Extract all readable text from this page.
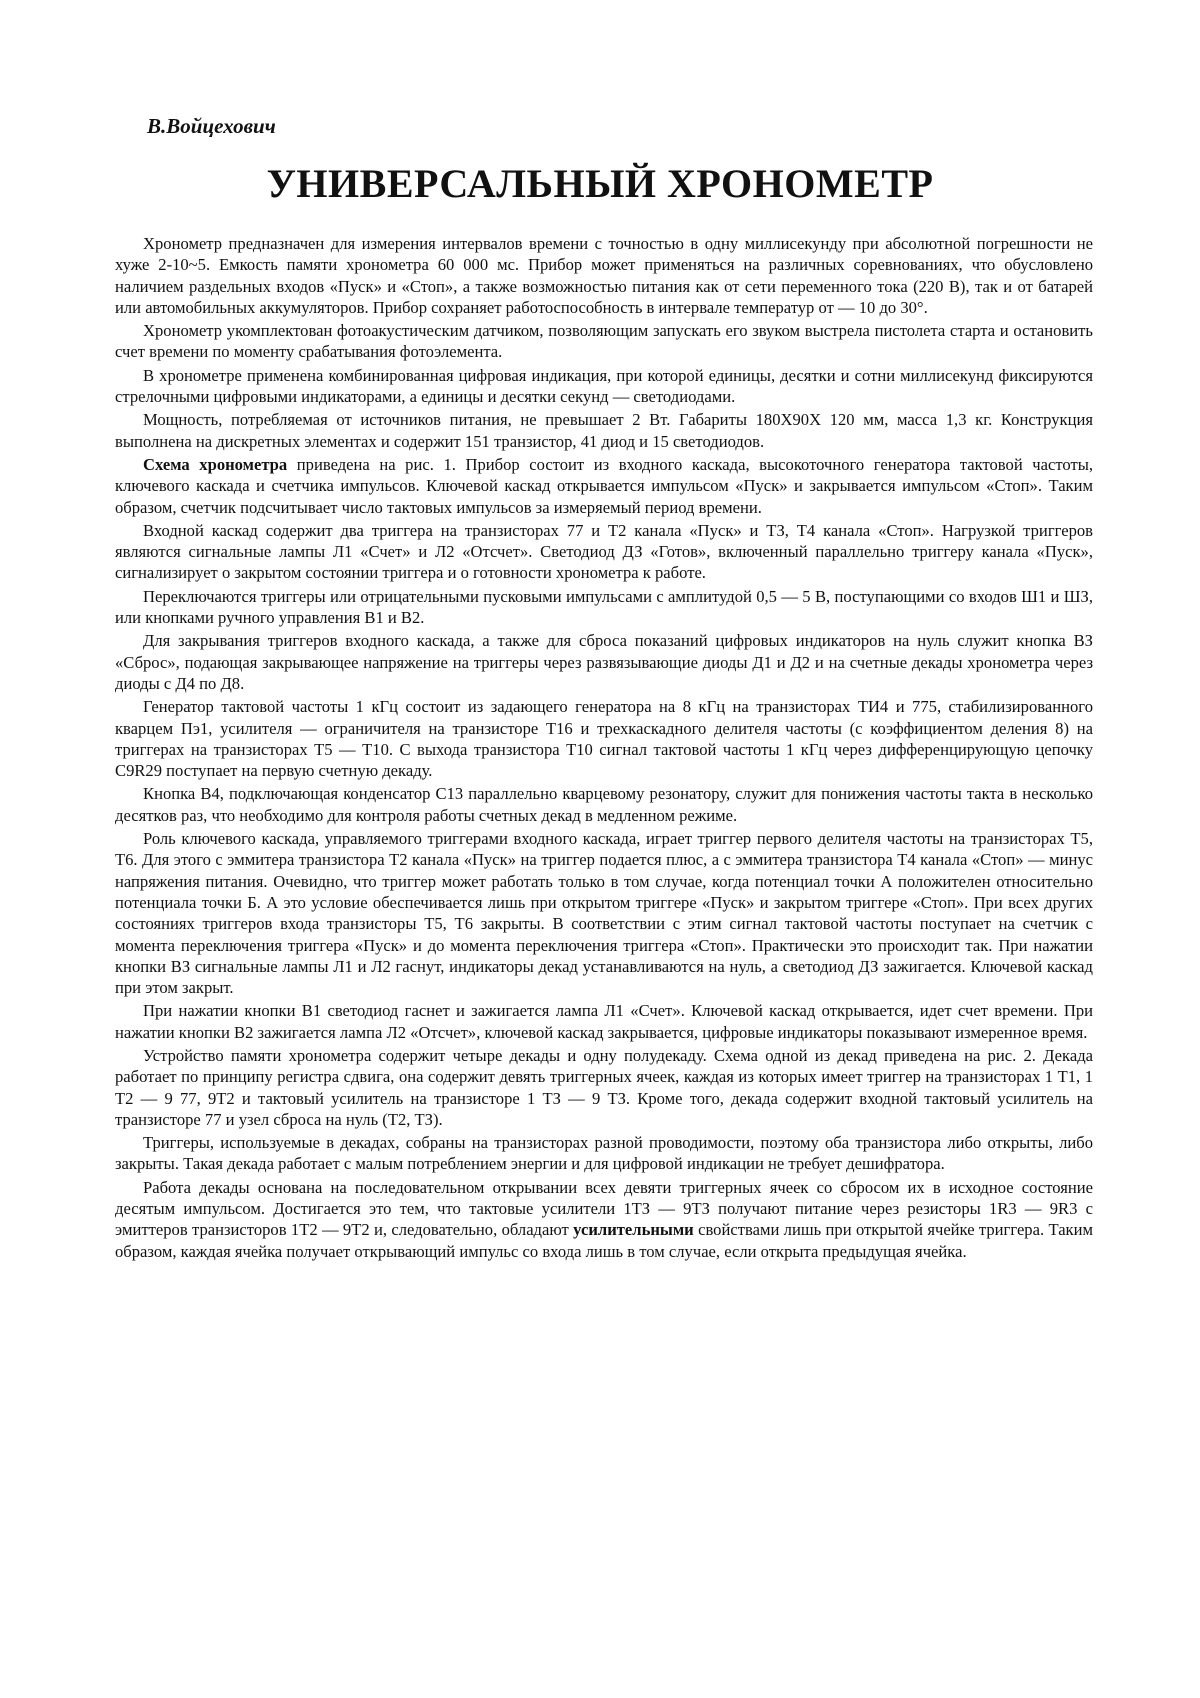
В.Войцехович
УНИВЕРСАЛЬНЫЙ ХРОНОМЕТР

Хронометр предназначен для измерения интервалов времени с точностью в одну миллисекунду при абсолютной погрешности не хуже 2-10~5. Емкость памяти хронометра 60 000 мс. Прибор может применяться на различных соревнованиях, что обусловлено наличием раздельных входов «Пуск» и «Стоп», а также возможностью питания как от сети переменного тока (220 В), так и от батарей или автомобильных аккумуляторов. Прибор сохраняет работоспособность в интервале температур от — 10 до 30°.

Хронометр укомплектован фотоакустическим датчиком, позволяющим запускать его звуком выстрела пистолета старта и остановить счет времени по моменту срабатывания фотоэлемента.

В хронометре применена комбинированная цифровая индикация, при которой единицы, десятки и сотни миллисекунд фиксируются стрелочными цифровыми индикаторами, а единицы и десятки секунд — светодиодами.

Мощность, потребляемая от источников питания, не превышает 2 Вт. Габариты 180Х90Х 120 мм, масса 1,3 кг. Конструкция выполнена на дискретных элементах и содержит 151 транзистор, 41 диод и 15 светодиодов.

Схема хронометра приведена на рис. 1. Прибор состоит из входного каскада, высокоточного генератора тактовой частоты, ключевого каскада и счетчика импульсов. Ключевой каскад открывается импульсом «Пуск» и закрывается импульсом «Стоп». Таким образом, счетчик подсчитывает число тактовых импульсов за измеряемый период времени.

Входной каскад содержит два триггера на транзисторах 77 и Т2 канала «Пуск» и ТЗ, Т4 канала «Стоп». Нагрузкой триггеров являются сигнальные лампы Л1 «Счет» и Л2 «Отсчет». Светодиод ДЗ «Готов», включенный параллельно триггеру канала «Пуск», сигнализирует о закрытом состоянии триггера и о готовности хронометра к работе.

Переключаются триггеры или отрицательными пусковыми импульсами с амплитудой 0,5 — 5 В, поступающими со входов Ш1 и ШЗ, или кнопками ручного управления В1 и В2.

Для закрывания триггеров входного каскада, а также для сброса показаний цифровых индикаторов на нуль служит кнопка ВЗ «Сброс», подающая закрывающее напряжение на триггеры через развязывающие диоды Д1 и Д2 и на счетные декады хронометра через диоды с Д4 по Д8.

Генератор тактовой частоты 1 кГц состоит из задающего генератора на 8 кГц на транзисторах ТИ4 и 775, стабилизированного кварцем Пэ1, усилителя — ограничителя на транзисторе Т16 и трехкаскадного делителя частоты (с коэффициентом деления 8) на триггерах на транзисторах Т5 — Т10. С выхода транзистора Т10 сигнал тактовой частоты 1 кГц через дифференцирующую цепочку С9R29 поступает на первую счетную декаду.

Кнопка В4, подключающая конденсатор С13 параллельно кварцевому резонатору, служит для понижения частоты такта в несколько десятков раз, что необходимо для контроля работы счетных декад в медленном режиме.

Роль ключевого каскада, управляемого триггерами входного каскада, играет триггер первого делителя частоты на транзисторах Т5, Т6. Для этого с эммитера транзистора Т2 канала «Пуск» на триггер подается плюс, а с эммитера транзистора Т4 канала «Стоп» — минус напряжения питания. Очевидно, что триггер может работать только в том случае, когда потенциал точки А положителен относительно потенциала точки Б. А это условие обеспечивается лишь при открытом триггере «Пуск» и закрытом триггере «Стоп». При всех других состояниях триггеров входа транзисторы Т5, Т6 закрыты. В соответствии с этим сигнал тактовой частоты поступает на счетчик с момента переключения триггера «Пуск» и до момента переключения триггера «Стоп». Практически это происходит так. При нажатии кнопки ВЗ сигнальные лампы Л1 и Л2 гаснут, индикаторы декад устанавливаются на нуль, а светодиод ДЗ зажигается. Ключевой каскад при этом закрыт.

При нажатии кнопки В1 светодиод гаснет и зажигается лампа Л1 «Счет». Ключевой каскад открывается, идет счет времени. При нажатии кнопки В2 зажигается лампа Л2 «Отсчет», ключевой каскад закрывается, цифровые индикаторы показывают измеренное время.

Устройство памяти хронометра содержит четыре декады и одну полудекаду. Схема одной из декад приведена на рис. 2. Декада работает по принципу регистра сдвига, она содержит девять триггерных ячеек, каждая из которых имеет триггер на транзисторах 1 Т1, 1 Т2 — 9 77, 9Т2 и тактовый усилитель на транзисторе 1 ТЗ — 9 ТЗ. Кроме того, декада содержит входной тактовый усилитель на транзисторе 77 и узел сброса на нуль (Т2, ТЗ).

Триггеры, используемые в декадах, собраны на транзисторах разной проводимости, поэтому оба транзистора либо открыты, либо закрыты. Такая декада работает с малым потреблением энергии и для цифровой индикации не требует дешифратора.

Работа декады основана на последовательном открывании всех девяти триггерных ячеек со сбросом их в исходное состояние десятым импульсом. Достигается это тем, что тактовые усилители 1ТЗ — 9ТЗ получают питание через резисторы 1R3 — 9R3 с эмиттеров транзисторов 1Т2 — 9Т2 и, следовательно, обладают усилительными свойствами лишь при открытой ячейке триггера. Таким образом, каждая ячейка получает открывающий импульс со входа лишь в том случае, если открыта предыдущая ячейка.
